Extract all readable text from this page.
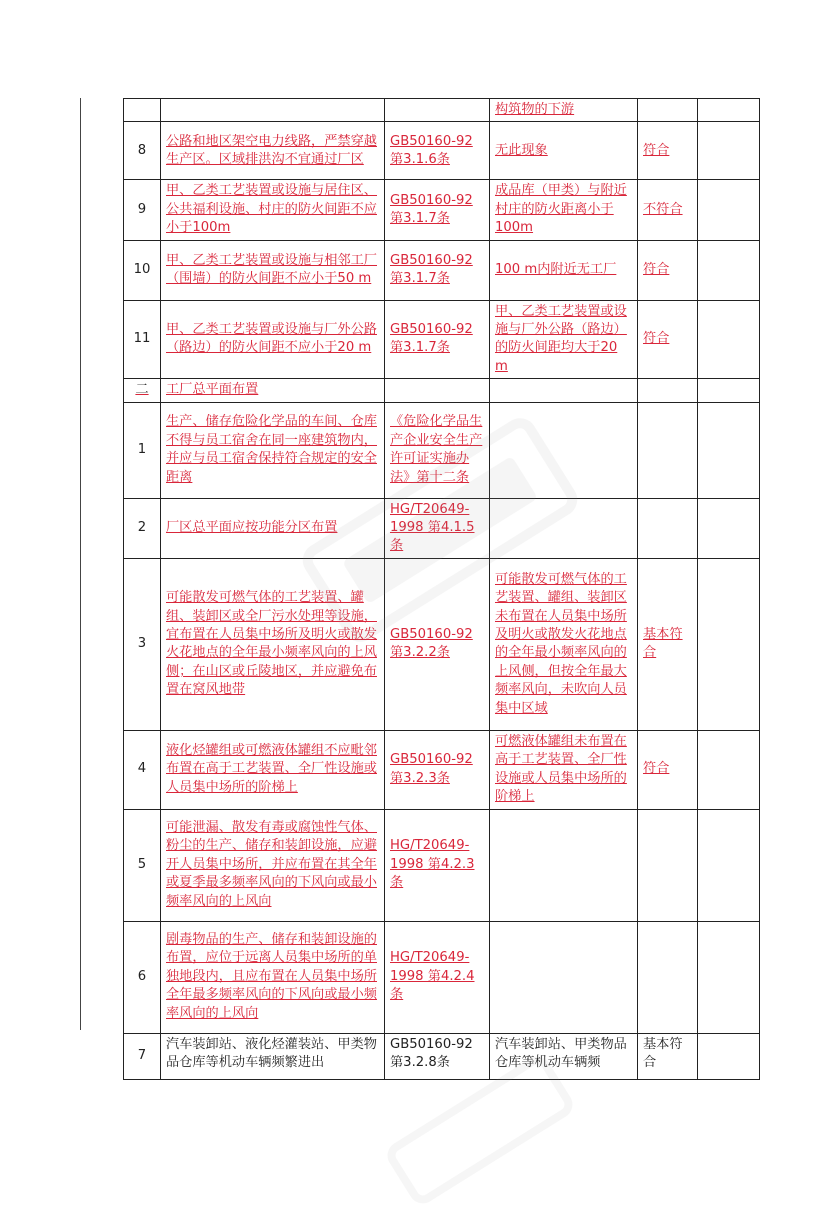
			构筑物的下游		
8	公路和地区架空电力线路，严禁穿越生产区。区域排洪沟不宜通过厂区	GB50160-92 第3.1.6条	无此现象	符合	
9	甲、乙类工艺装置或设施与居住区、公共福利设施、村庄的防火间距不应小于100m	GB50160-92 第3.1.7条	成品库（甲类）与附近村庄的防火距离小于100m	不符合	
10	甲、乙类工艺装置或设施与相邻工厂（围墙）的防火间距不应小于50 m	GB50160-92 第3.1.7条	100 m内附近无工厂	符合	
11	甲、乙类工艺装置或设施与厂外公路（路边）的防火间距不应小于20 m	GB50160-92 第3.1.7条	甲、乙类工艺装置或设施与厂外公路（路边）的防火间距均大于20 m	符合	
二	工厂总平面布置				
1	生产、储存危险化学品的车间、仓库不得与员工宿舍在同一座建筑物内，并应与员工宿舍保持符合规定的安全距离	《危险化学品生产企业安全生产许可证实施办法》第十二条			
2	厂区总平面应按功能分区布置	HG/T20649-1998 第4.1.5条			
3	可能散发可燃气体的工艺装置、罐组、装卸区或全厂污水处理等设施，宜布置在人员集中场所及明火或散发火花地点的全年最小频率风向的上风侧；在山区或丘陵地区，并应避免布置在窝风地带	GB50160-92 第3.2.2条	可能散发可燃气体的工艺装置、罐组、装卸区未布置在人员集中场所及明火或散发火花地点的全年最小频率风向的上风侧，但按全年最大频率风向，未吹向人员集中区域	基本符合	
4	液化烃罐组或可燃液体罐组不应毗邻布置在高于工艺装置、全厂性设施或人员集中场所的阶梯上	GB50160-92 第3.2.3条	可燃液体罐组未布置在高于工艺装置、全厂性设施或人员集中场所的阶梯上	符合	
5	可能泄漏、散发有毒或腐蚀性气体、粉尘的生产、储存和装卸设施，应避开人员集中场所，并应布置在其全年或夏季最多频率风向的下风向或最小频率风向的上风向	HG/T20649-1998 第4.2.3条			
6	剧毒物品的生产、储存和装卸设施的布置，应位于远离人员集中场所的单独地段内，且应布置在人员集中场所全年最多频率风向的下风向或最小频率风向的上风向	HG/T20649-1998 第4.2.4条			
7	汽车装卸站、液化烃灌装站、甲类物品仓库等机动车辆频繁进出	GB50160-92 第3.2.8条	汽车装卸站、甲类物品仓库等机动车辆频	基本符合	
